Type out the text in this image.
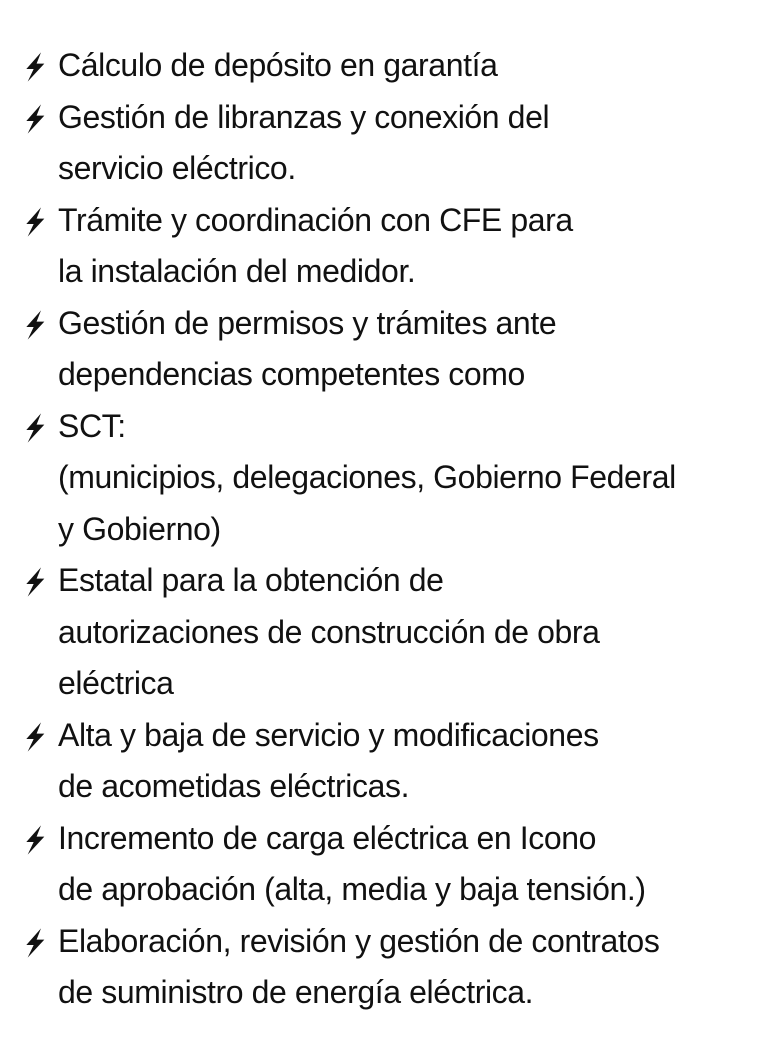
Cálculo de depósito en garantía
Gestión de libranzas y conexión del
servicio eléctrico.
Trámite y coordinación con CFE para
la instalación del medidor.
Gestión de permisos y trámites ante
dependencias competentes como
SCT:
(municipios, delegaciones, Gobierno Federal
y Gobierno)
Estatal para la obtención de
autorizaciones de construcción de obra
eléctrica
Alta y baja de servicio y modificaciones
de acometidas eléctricas.
Incremento de carga eléctrica en Icono
de aprobación (alta, media y baja tensión.)
Elaboración, revisión y gestión de contratos
de suministro de energía eléctrica.
